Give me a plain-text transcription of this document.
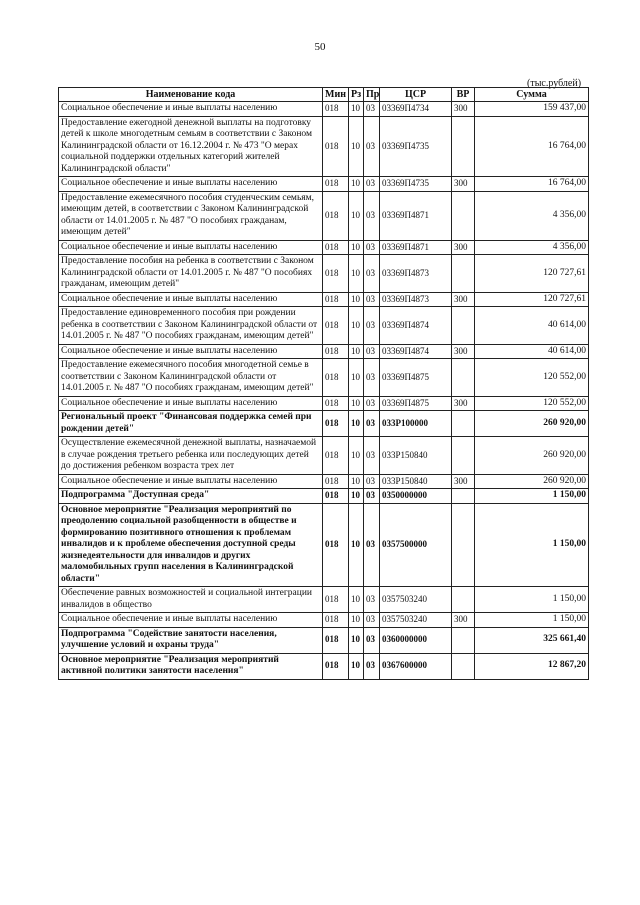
50
(тыс.рублей)
Наименование кода	Мин	Рз	Пр	ЦСР	ВР	Сумма
Социальное обеспечение и иные выплаты населению	018	10	03	03369П4734	300	159 437,00
Предоставление ежегодной денежной выплаты на подготовку детей к школе многодетным семьям в соответствии с Законом Калининградской области от 16.12.2004 г. № 473 "О мерах социальной поддержки отдельных категорий жителей Калининградской области"	018	10	03	03369П4735		16 764,00
Социальное обеспечение и иные выплаты населению	018	10	03	03369П4735	300	16 764,00
Предоставление ежемесячного пособия студенческим семьям, имеющим детей, в соответствии с Законом Калининградской области от 14.01.2005 г. № 487 "О пособиях гражданам, имеющим детей"	018	10	03	03369П4871		4 356,00
Социальное обеспечение и иные выплаты населению	018	10	03	03369П4871	300	4 356,00
Предоставление пособия на ребенка в соответствии с Законом Калининградской области от 14.01.2005 г. № 487 "О пособиях гражданам, имеющим детей"	018	10	03	03369П4873		120 727,61
Социальное обеспечение и иные выплаты населению	018	10	03	03369П4873	300	120 727,61
Предоставление единовременного пособия при рождении ребенка в соответствии с Законом Калининградской области от 14.01.2005 г. № 487 "О пособиях гражданам, имеющим детей"	018	10	03	03369П4874		40 614,00
Социальное обеспечение и иные выплаты населению	018	10	03	03369П4874	300	40 614,00
Предоставление ежемесячного пособия многодетной семье в соответствии с Законом Калининградской области от 14.01.2005 г. № 487 "О пособиях гражданам, имеющим детей"	018	10	03	03369П4875		120 552,00
Социальное обеспечение и иные выплаты населению	018	10	03	03369П4875	300	120 552,00
Региональный проект "Финансовая поддержка семей при рождении детей"	018	10	03	033P100000		260 920,00
Осуществление ежемесячной денежной выплаты, назначаемой в случае рождения третьего ребенка или последующих детей до достижения ребенком возраста трех лет	018	10	03	033P150840		260 920,00
Социальное обеспечение и иные выплаты населению	018	10	03	033P150840	300	260 920,00
Подпрограмма "Доступная среда"	018	10	03	0350000000		1 150,00
Основное мероприятие "Реализация мероприятий по преодолению социальной разобщенности в обществе и формированию позитивного отношения к проблемам инвалидов и к проблеме обеспечения доступной среды жизнедеятельности для инвалидов и других маломобильных групп населения в Калининградской области"	018	10	03	0357500000		1 150,00
Обеспечение равных возможностей и социальной интеграции инвалидов в общество	018	10	03	0357503240		1 150,00
Социальное обеспечение и иные выплаты населению	018	10	03	0357503240	300	1 150,00
Подпрограмма "Содействие занятости населения, улучшение условий и охраны труда"	018	10	03	0360000000		325 661,40
Основное мероприятие "Реализация мероприятий активной политики занятости населения"	018	10	03	0367600000		12 867,20
